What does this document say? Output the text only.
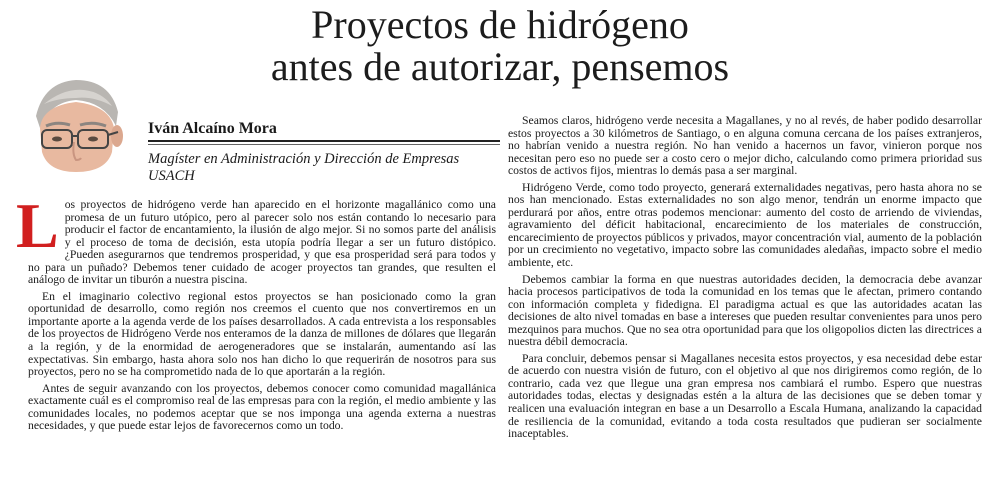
Proyectos de hidrógeno
antes de autorizar, pensemos

Iván Alcaíno Mora

Magíster en Administración y Dirección de Empresas USACH

Los proyectos de hidrógeno verde han aparecido en el horizonte magallánico como una promesa de un futuro utópico, pero al parecer solo nos están contando lo necesario para producir el factor de encantamiento, la ilusión de algo mejor. Si no somos parte del análisis y el proceso de toma de decisión, esta utopía podría llegar a ser un futuro distópico. ¿Pueden asegurarnos que tendremos prosperidad, y que esa prosperidad será para todos y no para un puñado? Debemos tener cuidado de acoger proyectos tan grandes, que resulten el análogo de invitar un tiburón a nuestra piscina.

En el imaginario colectivo regional estos proyectos se han posicionado como la gran oportunidad de desarrollo, como región nos creemos el cuento que nos convertiremos en un importante aporte a la agenda verde de los países desarrollados. A cada entrevista a los responsables de los proyectos de Hidrógeno Verde nos enteramos de la danza de millones de dólares que llegarán a la región, y de la enormidad de aerogeneradores que se instalarán, aumentando así las expectativas. Sin embargo, hasta ahora solo nos han dicho lo que requerirán de nosotros para sus proyectos, pero no se ha comprometido nada de lo que aportarán a la región.

Antes de seguir avanzando con los proyectos, debemos conocer como comunidad magallánica exactamente cuál es el compromiso real de las empresas para con la región, el medio ambiente y las comunidades locales, no podemos aceptar que se nos imponga una agenda externa a nuestras necesidades, y que puede estar lejos de favorecernos como un todo.

Seamos claros, hidrógeno verde necesita a Magallanes, y no al revés, de haber podido desarrollar estos proyectos a 30 kilómetros de Santiago, o en alguna comuna cercana de los países extranjeros, no habrían venido a nuestra región. No han venido a hacernos un favor, vinieron porque nos necesitan pero eso no puede ser a costo cero o mejor dicho, calculando como primera prioridad sus costos de activos fijos, mientras lo demás pasa a ser marginal.

Hidrógeno Verde, como todo proyecto, generará externalidades negativas, pero hasta ahora no se nos han mencionado. Estas externalidades no son algo menor, tendrán un enorme impacto que perdurará por años, entre otras podemos mencionar: aumento del costo de arriendo de viviendas, agravamiento del déficit habitacional, encarecimiento de los materiales de construcción, encarecimiento de proyectos públicos y privados, mayor concentración vial, aumento de la población por un crecimiento no vegetativo, impacto sobre las comunidades aledañas, impacto sobre el medio ambiente, etc.

Debemos cambiar la forma en que nuestras autoridades deciden, la democracia debe avanzar hacia procesos participativos de toda la comunidad en los temas que le afectan, primero contando con información completa y fidedigna. El paradigma actual es que las autoridades acatan las decisiones de alto nivel tomadas en base a intereses que pueden resultar convenientes para unos pero mezquinos para muchos. Que no sea otra oportunidad para que los oligopolios dicten las directrices a nuestra débil democracia.

Para concluir, debemos pensar si Magallanes necesita estos proyectos, y esa necesidad debe estar de acuerdo con nuestra visión de futuro, con el objetivo al que nos dirigiremos como región, de lo contrario, cada vez que llegue una gran empresa nos cambiará el rumbo. Espero que nuestras autoridades todas, electas y designadas estén a la altura de las decisiones que se deben tomar y realicen una evaluación integran en base a un Desarrollo a Escala Humana, analizando la capacidad de resiliencia de la comunidad, evitando a toda costa resultados que pudieran ser socialmente inaceptables.
